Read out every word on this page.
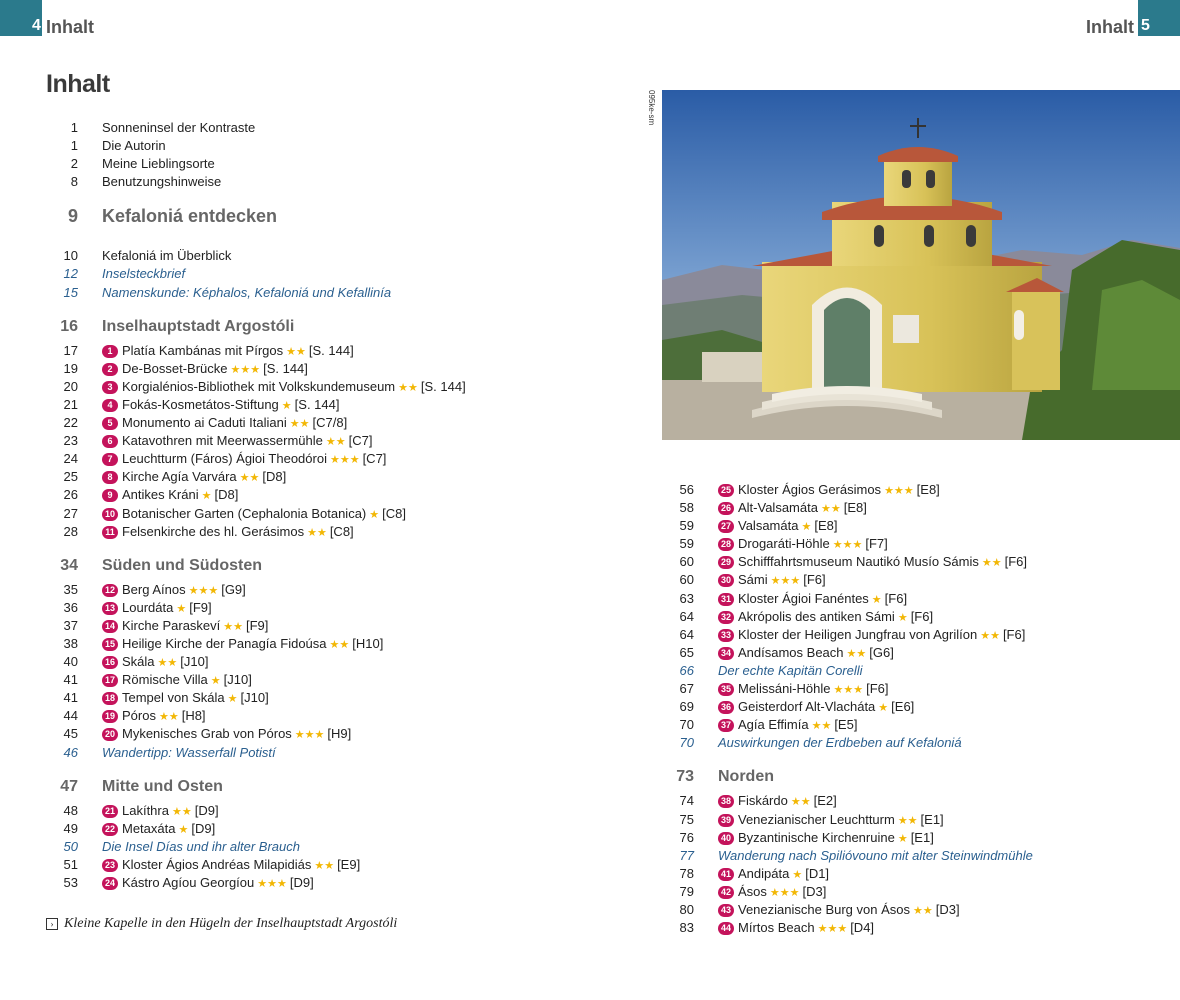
4 Inhalt	Inhalt 5
Inhalt
1 Sonneninsel der Kontraste
1 Die Autorin
2 Meine Lieblingsorte
8 Benutzungshinweise
9 Kefaloniá entdecken
10 Kefaloniá im Überblick
12 Inselsteckbrief
15 Namenskunde: Képhalos, Kefaloniá und Kefallinía
16 Inselhauptstadt Argostóli
17	1 Platía Kambánas mit Pírgos ★★ [S. 144]
19	2 De-Bosset-Brücke ★★★ [S. 144]
20	3 Korgialénios-Bibliothek mit Volkskundemuseum ★★ [S. 144]
21	4 Fokás-Kosmetátos-Stiftung ★ [S. 144]
22	5 Monumento ai Caduti Italiani ★★ [C7/8]
23	6 Katavothren mit Meerwassermühle ★★ [C7]
24	7 Leuchtturm (Fáros) Ágioi Theodóroi ★★★ [C7]
25	8 Kirche Agía Varvára ★★ [D8]
26	9 Antikes Kráni ★ [D8]
27	10 Botanischer Garten (Cephalonia Botanica) ★ [C8]
28	11 Felsenkirche des hl. Gerásimos ★★ [C8]
34 Süden und Südosten
35	12 Berg Aínos ★★★ [G9]
36	13 Lourdáta ★ [F9]
37	14 Kirche Paraskeví ★★ [F9]
38	15 Heilige Kirche der Panagía Fidoúsa ★★ [H10]
40	16 Skála ★★ [J10]
41	17 Römische Villa ★ [J10]
41	18 Tempel von Skála ★ [J10]
44	19 Póros ★★ [H8]
45	20 Mykenisches Grab von Póros ★★★ [H9]
46 Wandertipp: Wasserfall Potistí
47 Mitte und Osten
48	21 Lakíthra ★★ [D9]
49	22 Metaxáta ★ [D9]
50 Die Insel Días und ihr alter Brauch
51	23 Kloster Ágios Andréas Milapidiás ★★ [E9]
53	24 Kástro Agíou Georgíou ★★★ [D9]
56	25 Kloster Ágios Gerásimos ★★★ [E8]
58	26 Alt-Valsamáta ★★ [E8]
59	27 Valsamáta ★ [E8]
59	28 Drogaráti-Höhle ★★★ [F7]
60	29 Schifffahrtsmuseum Nautikó Musío Sámis ★★ [F6]
60	30 Sámi ★★★ [F6]
63	31 Kloster Ágioi Fanéntes ★ [F6]
64	32 Akrópolis des antiken Sámi ★ [F6]
64	33 Kloster der Heiligen Jungfrau von Agrilíon ★★ [F6]
65	34 Andísamos Beach ★★ [G6]
66 Der echte Kapitän Corelli
67	35 Melissáni-Höhle ★★★ [F6]
69	36 Geisterdorf Alt-Vlacháta ★ [E6]
70	37 Agía Effimía ★★ [E5]
70 Auswirkungen der Erdbeben auf Kefaloniá
73 Norden
74	38 Fiskárdo ★★ [E2]
75	39 Venezianischer Leuchtturm ★★ [E1]
76	40 Byzantinische Kirchenruine ★ [E1]
77 Wanderung nach Spilióvouno mit alter Steinwindmühle
78	41 Andipáta ★ [D1]
79	42 Ásos ★★★ [D3]
80	43 Venezianische Burg von Ásos ★★ [D3]
83	44 Mírtos Beach ★★★ [D4]
095ke-sm
› Kleine Kapelle in den Hügeln der Inselhauptstadt Argostóli
